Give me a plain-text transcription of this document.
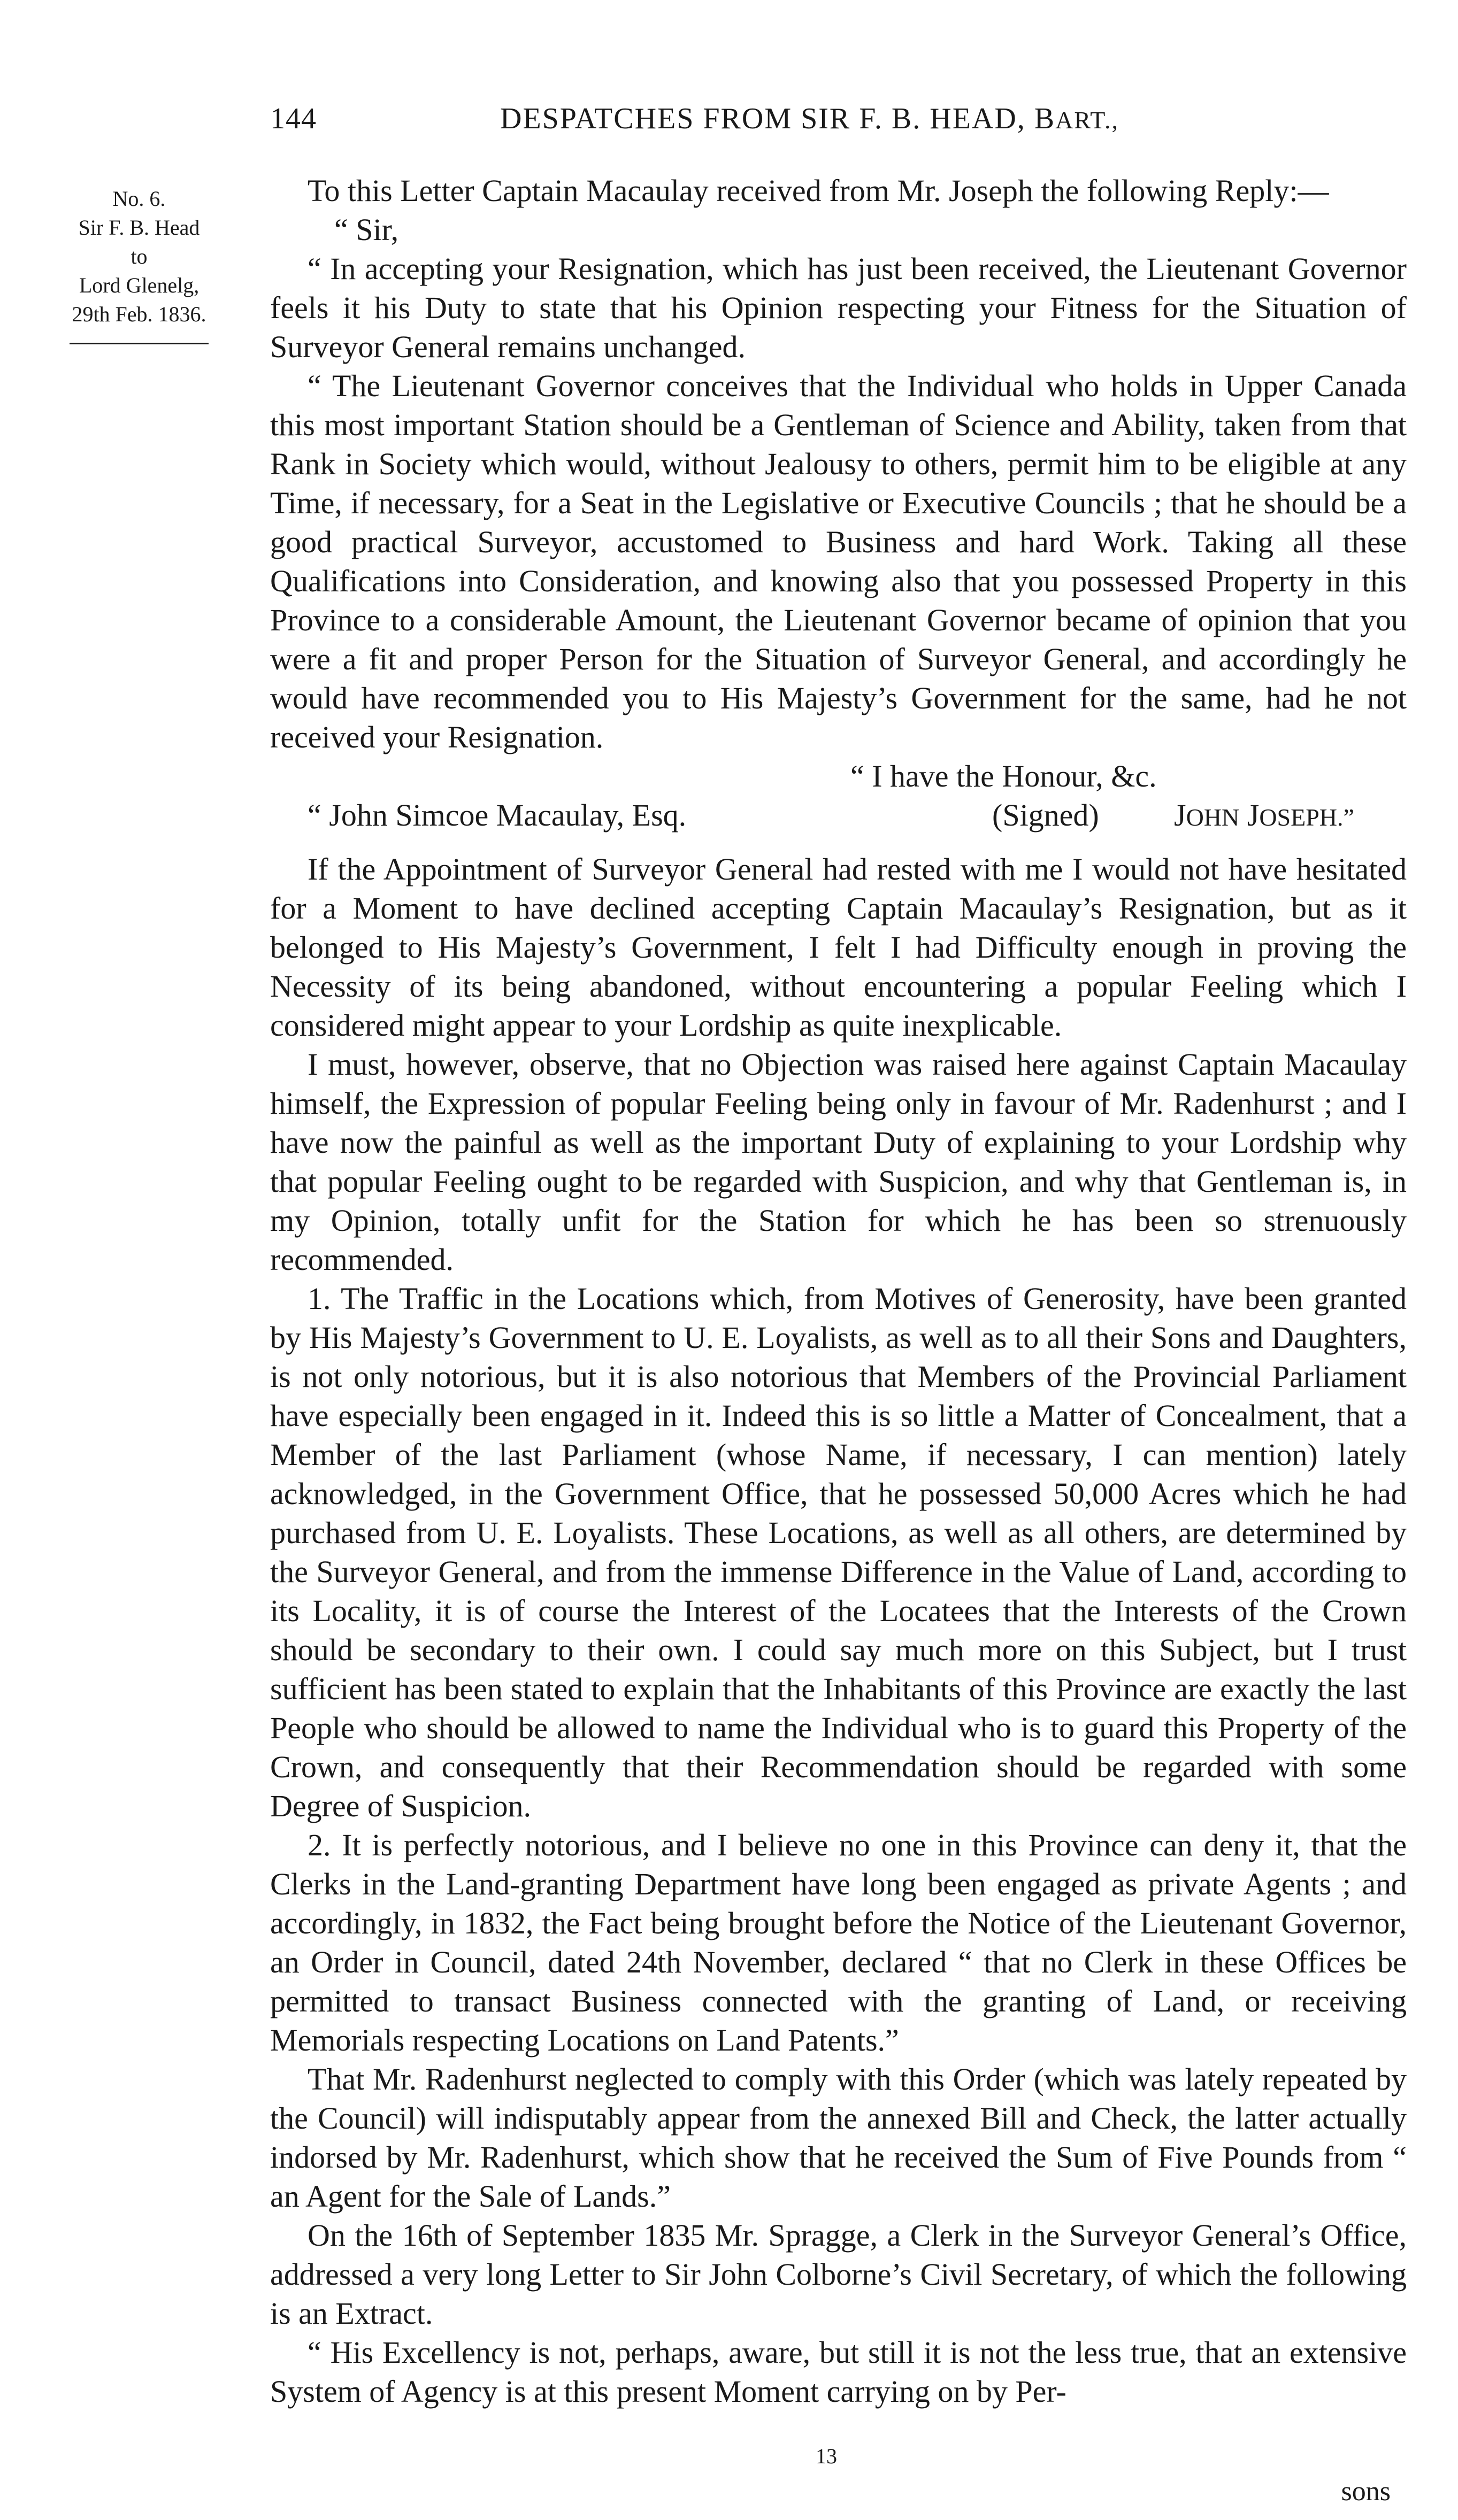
144	DESPATCHES FROM SIR F. B. HEAD, BART.,
No. 6.
Sir F. B. Head
to
Lord Glenelg,
29th Feb. 1836.

To this Letter Captain Macaulay received from Mr. Joseph the following Reply:—

“ Sir,

“ In accepting your Resignation, which has just been received, the Lieutenant Governor feels it his Duty to state that his Opinion respecting your Fitness for the Situation of Surveyor General remains unchanged.

“ The Lieutenant Governor conceives that the Individual who holds in Upper Canada this most important Station should be a Gentleman of Science and Ability, taken from that Rank in Society which would, without Jealousy to others, permit him to be eligible at any Time, if necessary, for a Seat in the Legislative or Executive Councils ; that he should be a good practical Surveyor, accustomed to Business and hard Work. Taking all these Qualifications into Consideration, and knowing also that you possessed Property in this Province to a considerable Amount, the Lieutenant Governor became of opinion that you were a fit and proper Person for the Situation of Surveyor General, and accordingly he would have recommended you to His Majesty’s Government for the same, had he not received your Resignation.

“ I have the Honour, &c.

“ John Simcoe Macaulay, Esq.	(Signed)	JOHN JOSEPH.”

If the Appointment of Surveyor General had rested with me I would not have hesitated for a Moment to have declined accepting Captain Macaulay’s Resignation, but as it belonged to His Majesty’s Government, I felt I had Difficulty enough in proving the Necessity of its being abandoned, without encountering a popular Feeling which I considered might appear to your Lordship as quite inexplicable.

I must, however, observe, that no Objection was raised here against Captain Macaulay himself, the Expression of popular Feeling being only in favour of Mr. Radenhurst ; and I have now the painful as well as the important Duty of explaining to your Lordship why that popular Feeling ought to be regarded with Suspicion, and why that Gentleman is, in my Opinion, totally unfit for the Station for which he has been so strenuously recommended.

1. The Traffic in the Locations which, from Motives of Generosity, have been granted by His Majesty’s Government to U. E. Loyalists, as well as to all their Sons and Daughters, is not only notorious, but it is also notorious that Members of the Provincial Parliament have especially been engaged in it. Indeed this is so little a Matter of Concealment, that a Member of the last Parliament (whose Name, if necessary, I can mention) lately acknowledged, in the Government Office, that he possessed 50,000 Acres which he had purchased from U. E. Loyalists. These Locations, as well as all others, are determined by the Surveyor General, and from the immense Difference in the Value of Land, according to its Locality, it is of course the Interest of the Locatees that the Interests of the Crown should be secondary to their own. I could say much more on this Subject, but I trust sufficient has been stated to explain that the Inhabitants of this Province are exactly the last People who should be allowed to name the Individual who is to guard this Property of the Crown, and consequently that their Recommendation should be regarded with some Degree of Suspicion.

2. It is perfectly notorious, and I believe no one in this Province can deny it, that the Clerks in the Land-granting Department have long been engaged as private Agents ; and accordingly, in 1832, the Fact being brought before the Notice of the Lieutenant Governor, an Order in Council, dated 24th November, declared “ that no Clerk in these Offices be permitted to transact Business connected with the granting of Land, or receiving Memorials respecting Locations on Land Patents.”

That Mr. Radenhurst neglected to comply with this Order (which was lately repeated by the Council) will indisputably appear from the annexed Bill and Check, the latter actually indorsed by Mr. Radenhurst, which show that he received the Sum of Five Pounds from “ an Agent for the Sale of Lands.”

On the 16th of September 1835 Mr. Spragge, a Clerk in the Surveyor General’s Office, addressed a very long Letter to Sir John Colborne’s Civil Secretary, of which the following is an Extract.

“ His Excellency is not, perhaps, aware, but still it is not the less true, that an extensive System of Agency is at this present Moment carrying on by Per-

13
sons
